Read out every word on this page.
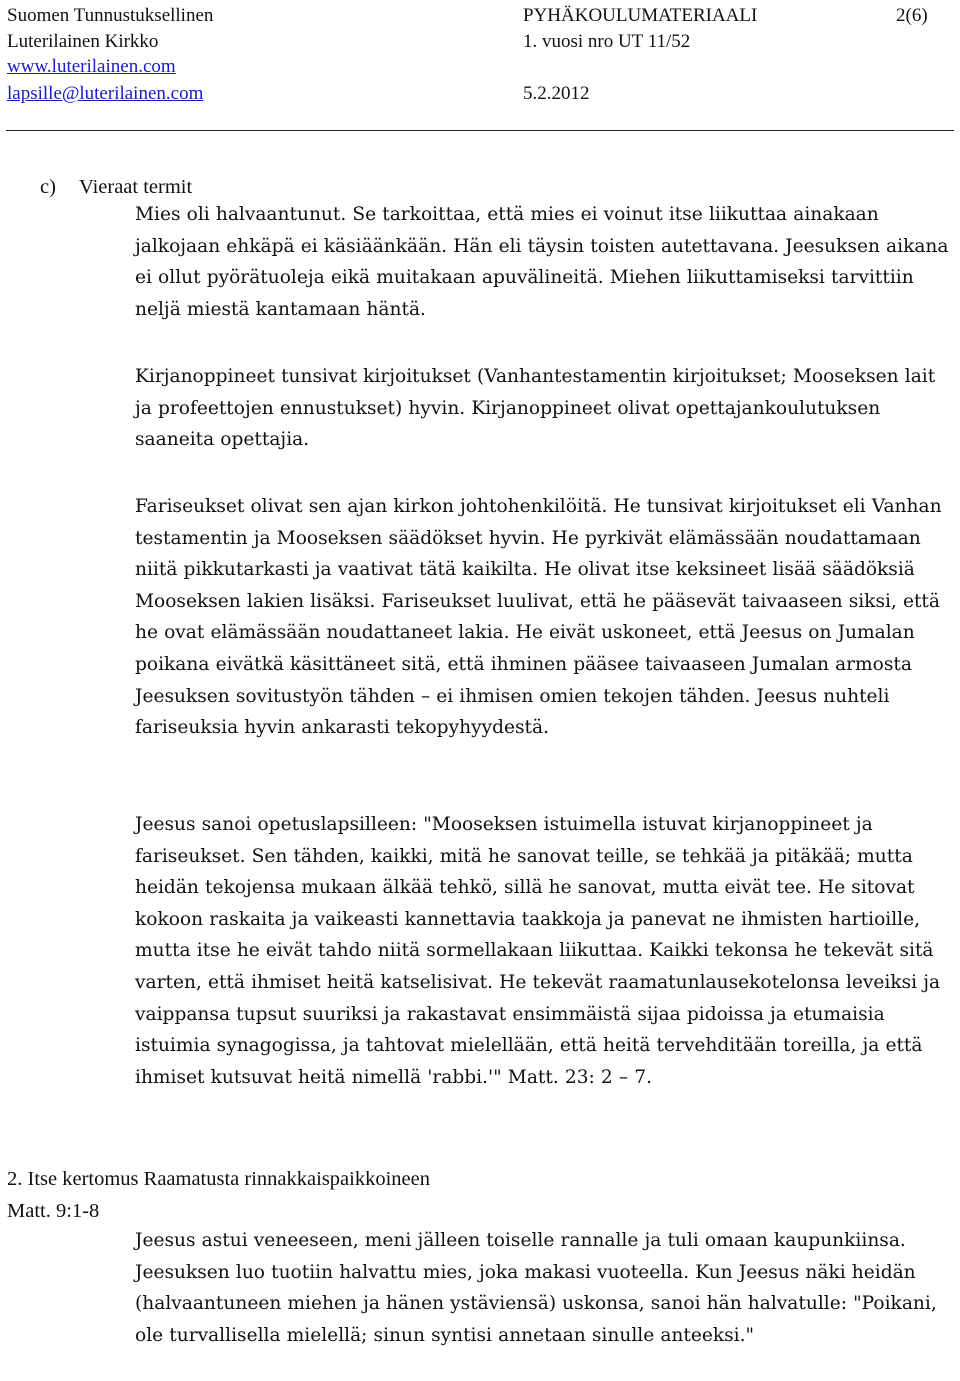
Suomen Tunnustuksellinen
Luterilainen Kirkko
www.luterilainen.com
lapsille@luterilainen.com
PYHÄKOULUMATERIAALI
1. vuosi nro UT 11/52
5.2.2012
2(6)
c) Vieraat termit

Mies oli halvaantunut. Se tarkoittaa, että mies ei voinut itse liikuttaa ainakaan jalkojaan ehkäpä ei käsiäänkään. Hän eli täysin toisten autettavana. Jeesuksen aikana ei ollut pyörätuoleja eikä muitakaan apuvälineitä. Miehen liikuttamiseksi tarvittiin neljä miestä kantamaan häntä.

Kirjanoppineet tunsivat kirjoitukset (Vanhantestamentin kirjoitukset; Mooseksen lait ja profeettojen ennustukset) hyvin. Kirjanoppineet olivat opettajankoulutuksen saaneita opettajia.

Fariseukset olivat sen ajan kirkon johtohenkilöitä. He tunsivat kirjoitukset eli Vanhan testamentin ja Mooseksen säädökset hyvin. He pyrkivät elämässään noudattamaan niitä pikkutarkasti ja vaativat tätä kaikilta. He olivat itse keksineet lisää säädöksiä Mooseksen lakien lisäksi. Fariseukset luulivat, että he pääsevät taivaaseen siksi, että he ovat elämässään noudattaneet lakia. He eivät uskoneet, että Jeesus on Jumalan poikana eivätkä käsittäneet sitä, että ihminen pääsee taivaaseen Jumalan armosta Jeesuksen sovitustyön tähden – ei ihmisen omien tekojen tähden. Jeesus nuhteli fariseuksia hyvin ankarasti tekopyhyydestä.

Jeesus sanoi opetuslapsilleen: "Mooseksen istuimella istuvat kirjanoppineet ja fariseukset. Sen tähden, kaikki, mitä he sanovat teille, se tehkää ja pitäkää; mutta heidän tekojensa mukaan älkää tehkö, sillä he sanovat, mutta eivät tee. He sitovat kokoon raskaita ja vaikeasti kannettavia taakkoja ja panevat ne ihmisten hartioille, mutta itse he eivät tahdo niitä sormellakaan liikuttaa. Kaikki tekonsa he tekevät sitä varten, että ihmiset heitä katselisivat. He tekevät raamatunlausekotelonsa leveiksi ja vaippansa tupsut suuriksi ja rakastavat ensimmäistä sijaa pidoissa ja etumaisia istuimia synagogissa, ja tahtovat mielellään, että heitä tervehditään toreilla, ja että ihmiset kutsuvat heitä nimellä 'rabbi.'" Matt. 23: 2 – 7.

2. Itse kertomus Raamatusta rinnakkaispaikkoineen
Matt. 9:1-8

Jeesus astui veneeseen, meni jälleen toiselle rannalle ja tuli omaan kaupunkiinsa. Jeesuksen luo tuotiin halvattu mies, joka makasi vuoteella. Kun Jeesus näki heidän (halvaantuneen miehen ja hänen ystäviensä) uskonsa, sanoi hän halvatulle: "Poikani, ole turvallisella mielellä; sinun syntisi annetaan sinulle anteeksi."
